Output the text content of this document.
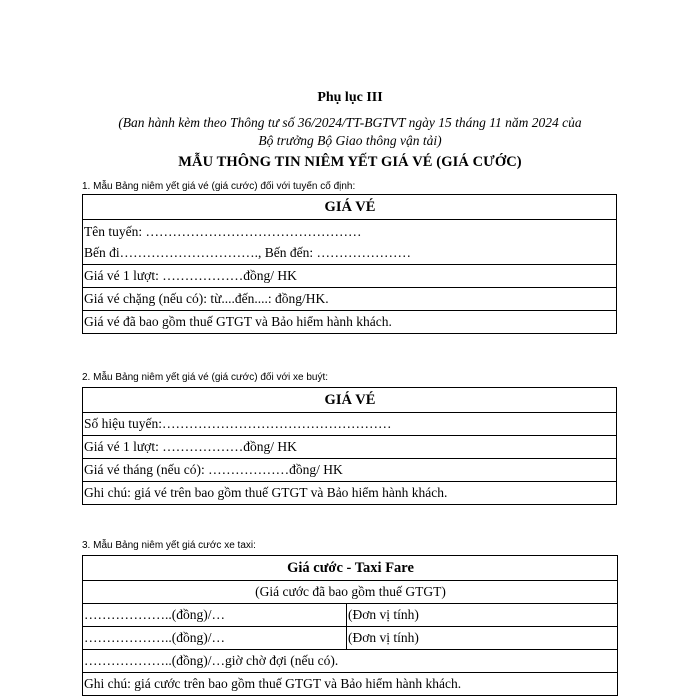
Phụ lục III
(Ban hành kèm theo Thông tư số 36/2024/TT-BGTVT ngày 15 tháng 11 năm 2024 của
Bộ trưởng Bộ Giao thông vận tải)
MẪU THÔNG TIN NIÊM YẾT GIÁ VÉ (GIÁ CƯỚC)
1. Mẫu Bảng niêm yết giá vé (giá cước) đối với tuyến cố định:
GIÁ VÉ

Tên tuyến: …………………………………………
Bến đi…………………………., Bến đến: …………………

Giá vé 1 lượt: ………………đồng/ HK
Giá vé chặng (nếu có): từ....đến....: đồng/HK.
Giá vé đã bao gồm thuế GTGT và Bảo hiểm hành khách.
2. Mẫu Bảng niêm yết giá vé (giá cước) đối với xe buýt:
GIÁ VÉ
Số hiệu tuyến:……………………………………………
Giá vé 1 lượt: ………………đồng/ HK
Giá vé tháng (nếu có): ………………đồng/ HK
Ghi chú: giá vé trên bao gồm thuế GTGT và Bảo hiểm hành khách.
3. Mẫu Bảng niêm yết giá cước xe taxi:
Giá cước - Taxi Fare	
(Giá cước đã bao gồm thuế GTGT)	
………………..(đồng)/…	(Đơn vị tính)
………………..(đồng)/…	(Đơn vị tính)
………………..(đồng)/…giờ chờ đợi (nếu có).	
Ghi chú: giá cước trên bao gồm thuế GTGT và Bảo hiểm hành khách.	
